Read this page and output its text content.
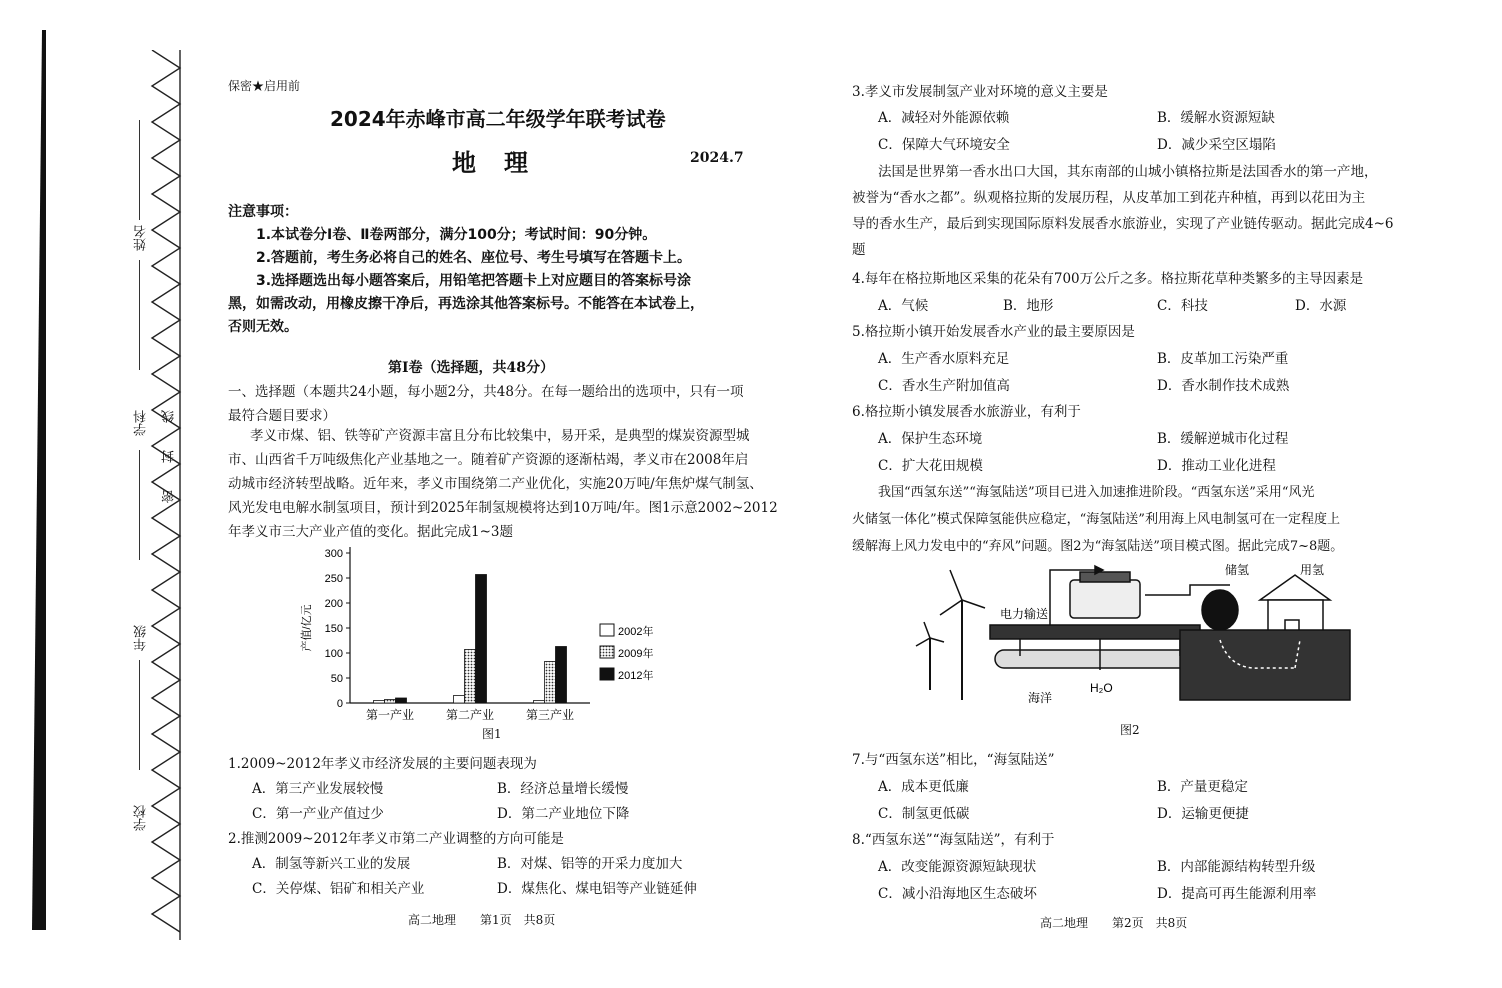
姓名
学科 线
封
密
年级
学校
保密★启用前
2024年赤峰市高二年级学年联考试卷
地理	2024.7
注意事项：
1.本试卷分Ⅰ卷、Ⅱ卷两部分，满分100分；考试时间：90分钟。
2.答题前，考生务必将自己的姓名、座位号、考生号填写在答题卡上。
3.选择题选出每小题答案后，用铅笔把答题卡上对应题目的答案标号涂
黑，如需改动，用橡皮擦干净后，再选涂其他答案标号。不能答在本试卷上，
否则无效。
第Ⅰ卷（选择题，共48分）
一、选择题（本题共24小题，每小题2分，共48分。在每一题给出的选项中，只有一项
最符合题目要求）
孝义市煤、铝、铁等矿产资源丰富且分布比较集中，易开采，是典型的煤炭资源型城
市、山西省千万吨级焦化产业基地之一。随着矿产资源的逐渐枯竭，孝义市在2008年启
动城市经济转型战略。近年来，孝义市围绕第二产业优化，实施20万吨/年焦炉煤气制氢、
风光发电电解水制氢项目，预计到2025年制氢规模将达到10万吨/年。图1示意2002~2012
年孝义市三大产业产值的变化。据此完成1~3题
0
50
100
150
200
250
300
产值/亿元
第一产业	第二产业	第三产业
2002年
2009年
2012年
图1
1.2009~2012年孝义市经济发展的主要问题表现为
A．第三产业发展较慢	B．经济总量增长缓慢
C．第一产业产值过少	D．第二产业地位下降
2.推测2009~2012年孝义市第二产业调整的方向可能是
A．制氢等新兴工业的发展	B．对煤、铝等的开采力度加大
C．关停煤、铝矿和相关产业	D．煤焦化、煤电铝等产业链延伸
高二地理　　第1页　共8页
3.孝义市发展制氢产业对环境的意义主要是
A．减轻对外能源依赖	B．缓解水资源短缺
C．保障大气环境安全	D．减少采空区塌陷
法国是世界第一香水出口大国，其东南部的山城小镇格拉斯是法国香水的第一产地，
被誉为“香水之都”。纵观格拉斯的发展历程，从皮革加工到花卉种植，再到以花田为主
导的香水生产，最后到实现国际原料发展香水旅游业，实现了产业链传驱动。据此完成4~6
题
4.每年在格拉斯地区采集的花朵有700万公斤之多。格拉斯花草种类繁多的主导因素是
A．气候	B．地形	C．科技	D．水源
5.格拉斯小镇开始发展香水产业的最主要原因是
A．生产香水原料充足	B．皮革加工污染严重
C．香水生产附加值高	D．香水制作技术成熟
6.格拉斯小镇发展香水旅游业，有利于
A．保护生态环境	B．缓解逆城市化过程
C．扩大花田规模	D．推动工业化进程
我国“西氢东送”“海氢陆送”项目已进入加速推进阶段。“西氢东送”采用“风光
火储氢一体化”模式保障氢能供应稳定，“海氢陆送”利用海上风电制氢可在一定程度上
缓解海上风力发电中的“弃风”问题。图2为“海氢陆送”项目模式图。据此完成7~8题。
电力输送
储氢	用氢
海洋
H₂O
图2
7.与“西氢东送”相比，“海氢陆送”
A．成本更低廉	B．产量更稳定
C．制氢更低碳	D．运输更便捷
8.“西氢东送”“海氢陆送”，有利于
A．改变能源资源短缺现状	B．内部能源结构转型升级
C．减小沿海地区生态破坏	D．提高可再生能源利用率
高二地理　　第2页　共8页
